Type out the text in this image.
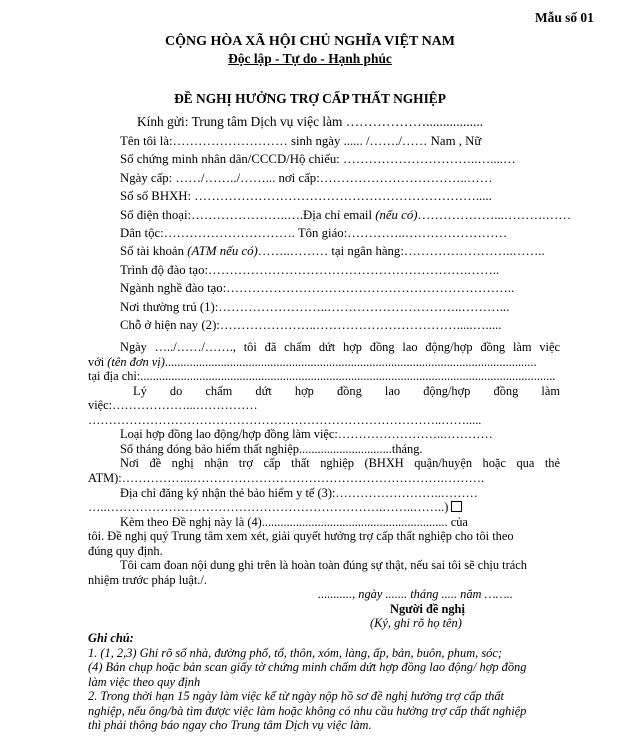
Mẫu số 01
CỘNG HÒA XÃ HỘI CHỦ NGHĨA VIỆT NAM
Độc lập - Tự do - Hạnh phúc
ĐỀ NGHỊ HƯỞNG TRỢ CẤP THẤT NGHIỆP
Kính gửi: Trung tâm Dịch vụ việc làm ……………….................
Tên tôi là:……………………… sinh ngày ...... /……./…… Nam , Nữ
Số chứng minh nhân dân/CCCD/Hộ chiếu: …………………………..…....…
Ngày cấp: ……/……../……... nơi cấp:……………………………..……
Số sổ BHXH: ………………………………………………………….....
Số điện thoại:…………………..….Địa chỉ email (nếu có)………………...……….……
Dân tộc:…………………………. Tôn giáo:…………..……………………
Số tài khoản (ATM nếu có)……..……… tại ngân hàng:……………………..……..
Trình độ đào tạo:…………………………………………………….……..
Ngành nghề đào tạo:…………………………………………………………..
Nơi thường trú (1):……………………..…………………………..………...
Chỗ ở hiện nay (2):…………………..…………………………….....….....
Ngày …../……/……., tôi đã chấm dứt hợp đồng lao động/hợp đồng làm việc
với (tên đơn vị)........................................................................................................................
tại địa chỉ:......................................................................................................................................
Lý do chấm dứt hợp đồng lao động/hợp đồng làm
việc:………………...……………
…………………………………………………………………………..…….....
Loại hợp đồng lao động/hợp đồng làm việc:……………………..…………
Số tháng đóng bảo hiểm thất nghiệp..............................tháng.
Nơi đề nghị nhận trợ cấp thất nghiệp (BHXH quận/huyện hoặc qua thẻ
ATM):……………...…………………………………………………….……….
Địa chỉ đăng ký nhận thẻ bảo hiểm y tế (3):……………………..………
…..………………………………………………………….……..……..)
Kèm theo Đề nghị này là (4)............................................................ của
tôi. Đề nghị quý Trung tâm xem xét, giải quyết hưởng trợ cấp thất nghiệp cho tôi theo
đúng quy định.
Tôi cam đoan nội dung ghi trên là hoàn toàn đúng sự thật, nếu sai tôi sẽ chịu trách
nhiệm trước pháp luật./.
..........., ngày ....... tháng ..... năm ……..
Người đề nghị
(Ký, ghi rõ họ tên)
Ghi chú:
1. (1, 2,3) Ghi rõ số nhà, đường phố, tổ, thôn, xóm, làng, ấp, bản, buôn, phum, sóc;
(4) Bản chụp hoặc bản scan giấy tờ chứng minh chấm dứt hợp đồng lao động/ hợp đồng
làm việc theo quy định
2. Trong thời hạn 15 ngày làm việc kể từ ngày nộp hồ sơ đề nghị hưởng trợ cấp thất
nghiệp, nếu ông/bà tìm được việc làm hoặc không có nhu cầu hưởng trợ cấp thất nghiệp
thì phải thông báo ngay cho Trung tâm Dịch vụ việc làm.
